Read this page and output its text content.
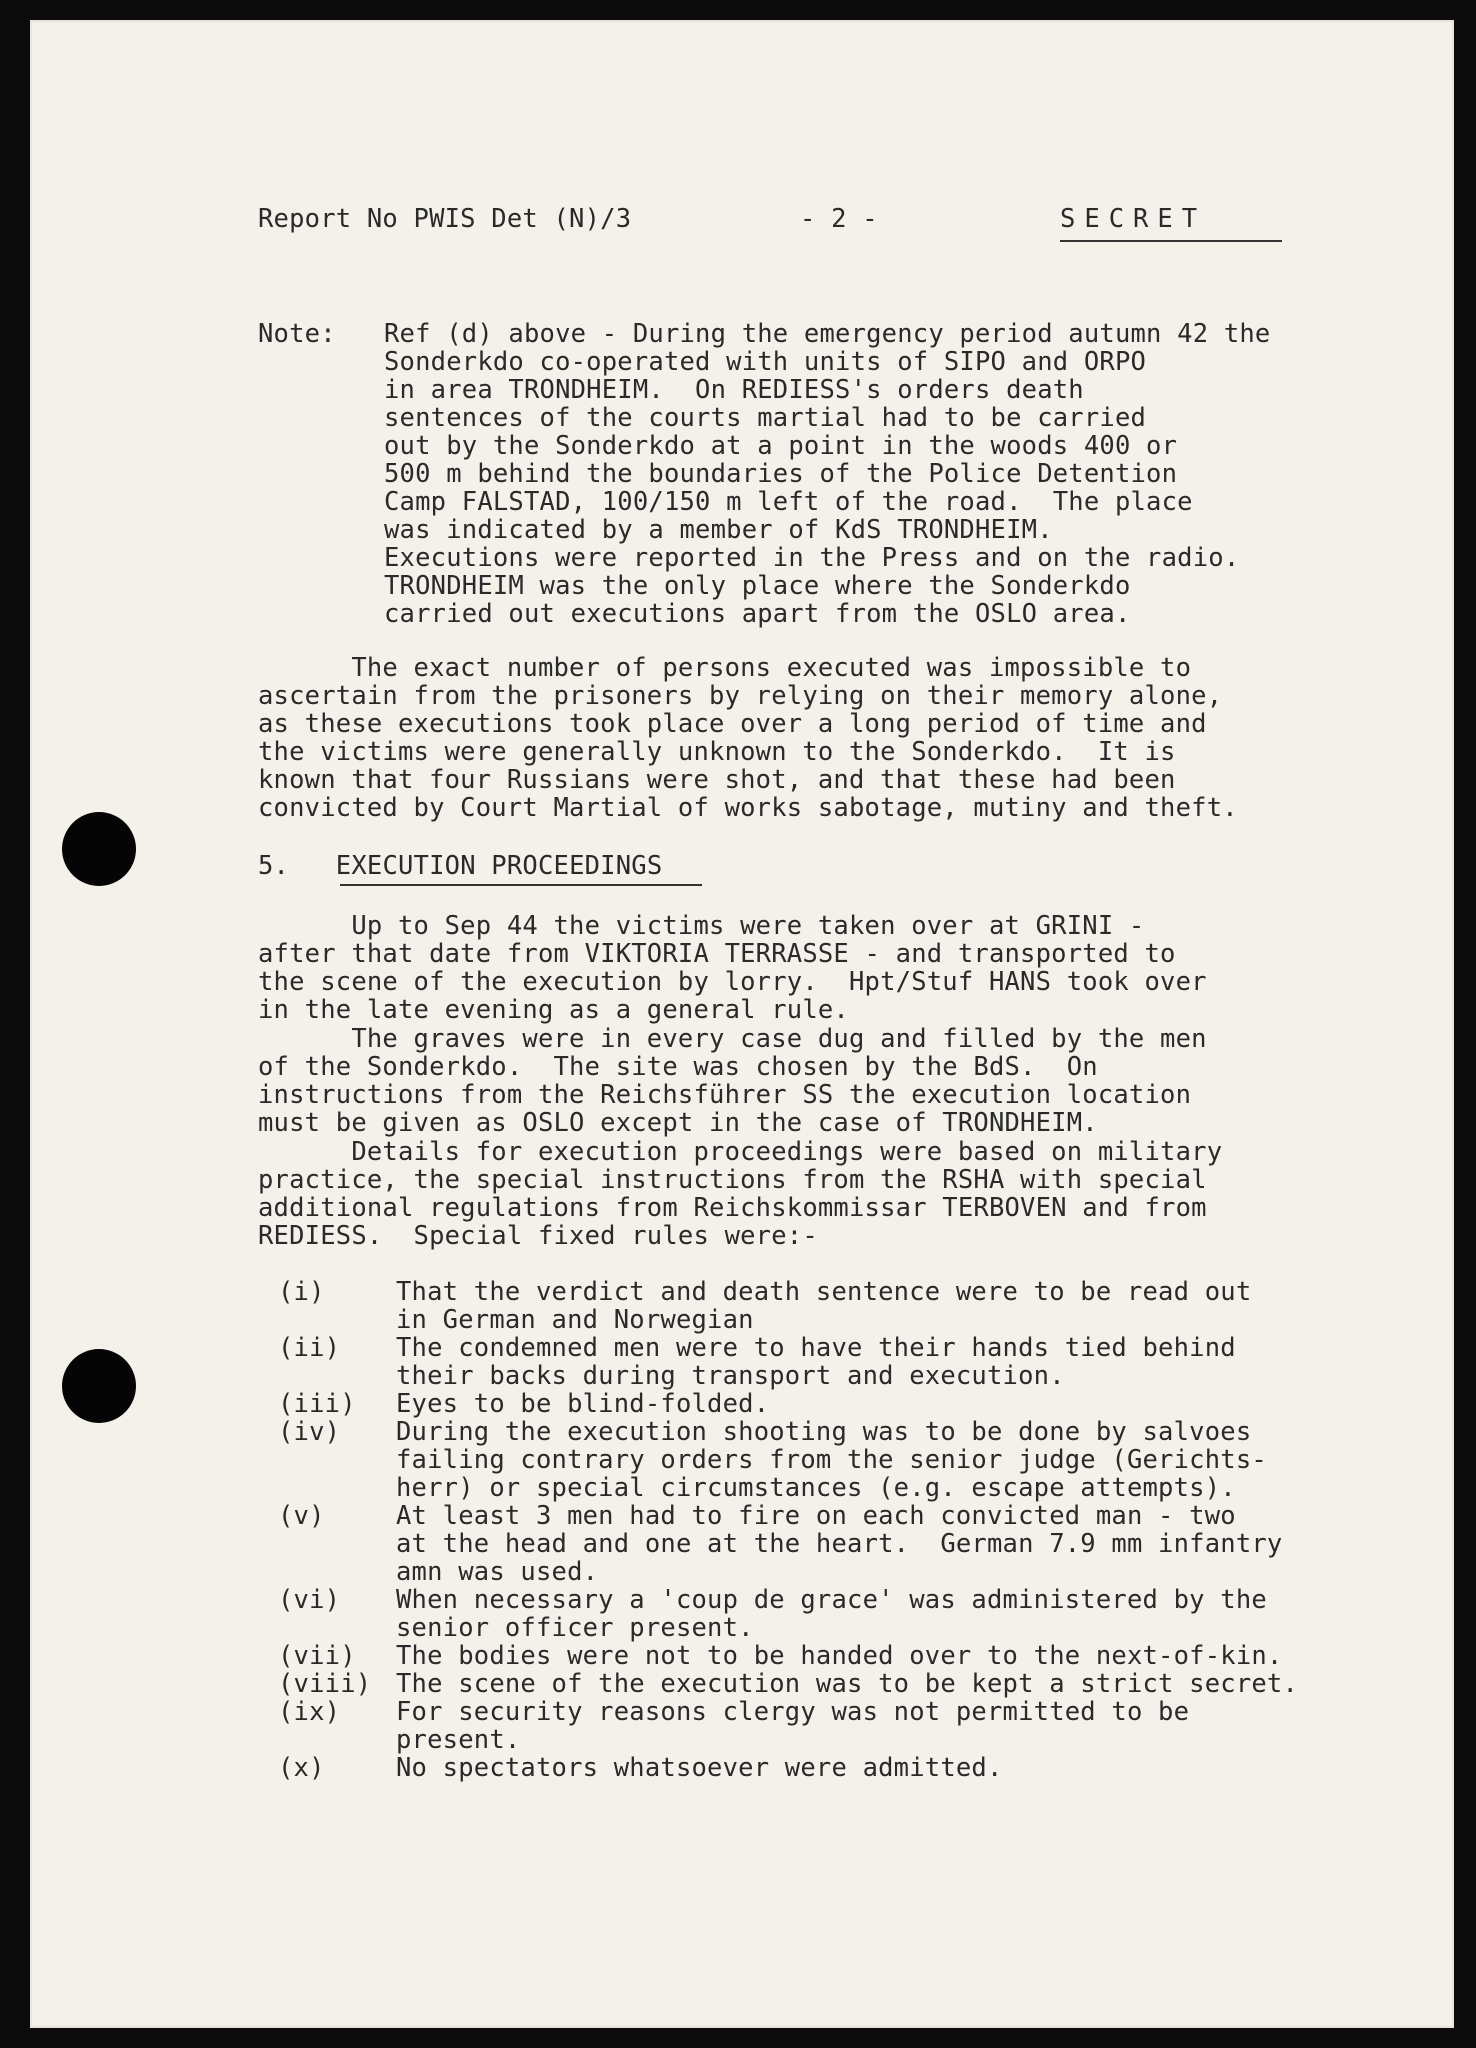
Report No PWIS Det (N)/3	- 2 -	SECRET
Note: Ref (d) above - During the emergency period autumn 42 the
Sonderkdo co-operated with units of SIPO and ORPO
in area TRONDHEIM.  On REDIESS's orders death
sentences of the courts martial had to be carried
out by the Sonderkdo at a point in the woods 400 or
500 m behind the boundaries of the Police Detention
Camp FALSTAD, 100/150 m left of the road.  The place
was indicated by a member of KdS TRONDHEIM.
Executions were reported in the Press and on the radio.
TRONDHEIM was the only place where the Sonderkdo
carried out executions apart from the OSLO area.
The exact number of persons executed was impossible to
ascertain from the prisoners by relying on their memory alone,
as these executions took place over a long period of time and
the victims were generally unknown to the Sonderkdo.  It is
known that four Russians were shot, and that these had been
convicted by Court Martial of works sabotage, mutiny and theft.
5. EXECUTION PROCEEDINGS
Up to Sep 44 the victims were taken over at GRINI -
after that date from VIKTORIA TERRASSE - and transported to
the scene of the execution by lorry.  Hpt/Stuf HANS took over
in the late evening as a general rule.
The graves were in every case dug and filled by the men
of the Sonderkdo.  The site was chosen by the BdS.  On
instructions from the Reichsführer SS the execution location
must be given as OSLO except in the case of TRONDHEIM.
Details for execution proceedings were based on military
practice, the special instructions from the RSHA with special
additional regulations from Reichskommissar TERBOVEN and from
REDIESS.  Special fixed rules were:-
(i)	That the verdict and death sentence were to be read out
in German and Norwegian
(ii) The condemned men were to have their hands tied behind
their backs during transport and execution.
(iii) Eyes to be blind-folded.
(iv) During the execution shooting was to be done by salvoes
failing contrary orders from the senior judge (Gerichts-
herr) or special circumstances (e.g. escape attempts).
(v)	At least 3 men had to fire on each convicted man - two
at the head and one at the heart.  German 7.9 mm infantry
amn was used.
(vi) When necessary a 'coup de grace' was administered by the
senior officer present.
(vii) The bodies were not to be handed over to the next-of-kin.
(viii) The scene of the execution was to be kept a strict secret.
(ix) For security reasons clergy was not permitted to be
present.
(x)	No spectators whatsoever were admitted.
